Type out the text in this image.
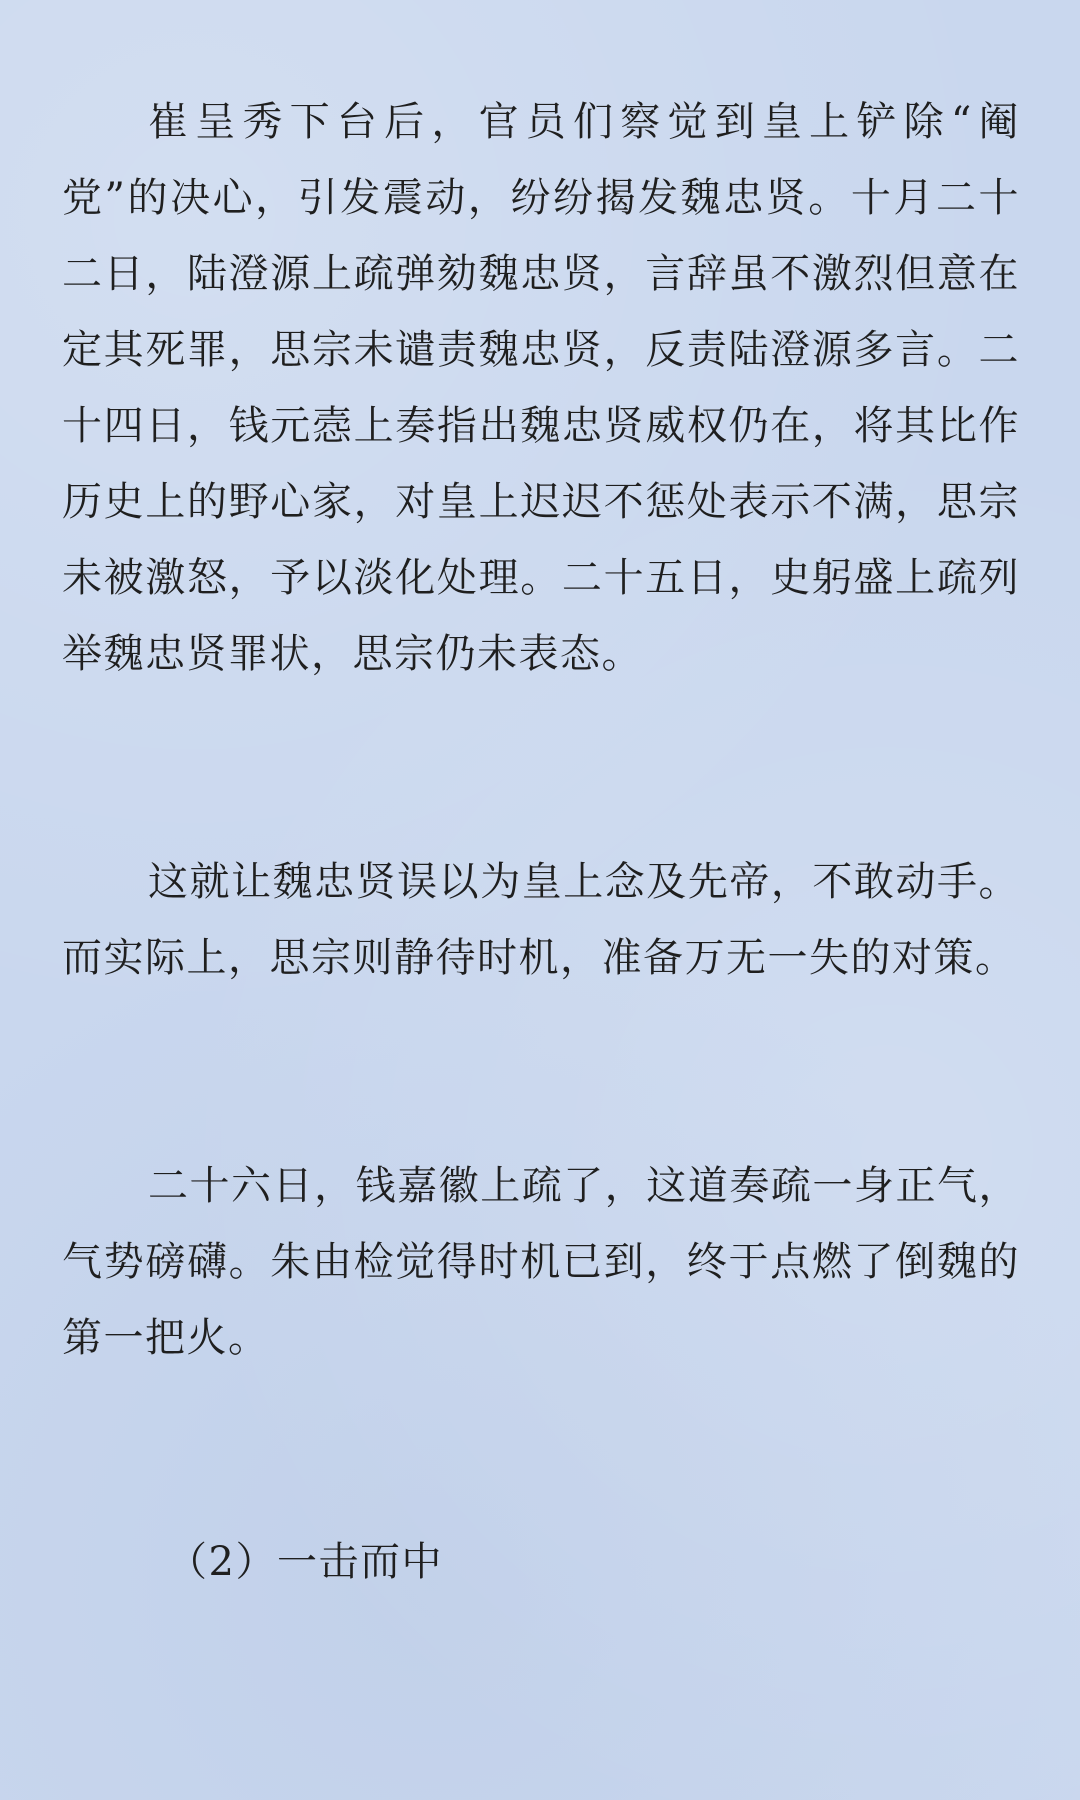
崔呈秀下台后，官员们察觉到皇上铲除“阉党”的决心，引发震动，纷纷揭发魏忠贤。十月二十二日，陆澄源上疏弹劾魏忠贤，言辞虽不激烈但意在定其死罪，思宗未谴责魏忠贤，反责陆澄源多言。二十四日，钱元悫上奏指出魏忠贤威权仍在，将其比作历史上的野心家，对皇上迟迟不惩处表示不满，思宗未被激怒，予以淡化处理。二十五日，史躬盛上疏列举魏忠贤罪状，思宗仍未表态。

这就让魏忠贤误以为皇上念及先帝，不敢动手。而实际上，思宗则静待时机，准备万无一失的对策。

二十六日，钱嘉徽上疏了，这道奏疏一身正气，气势磅礴。朱由检觉得时机已到，终于点燃了倒魏的第一把火。

（2）一击而中
